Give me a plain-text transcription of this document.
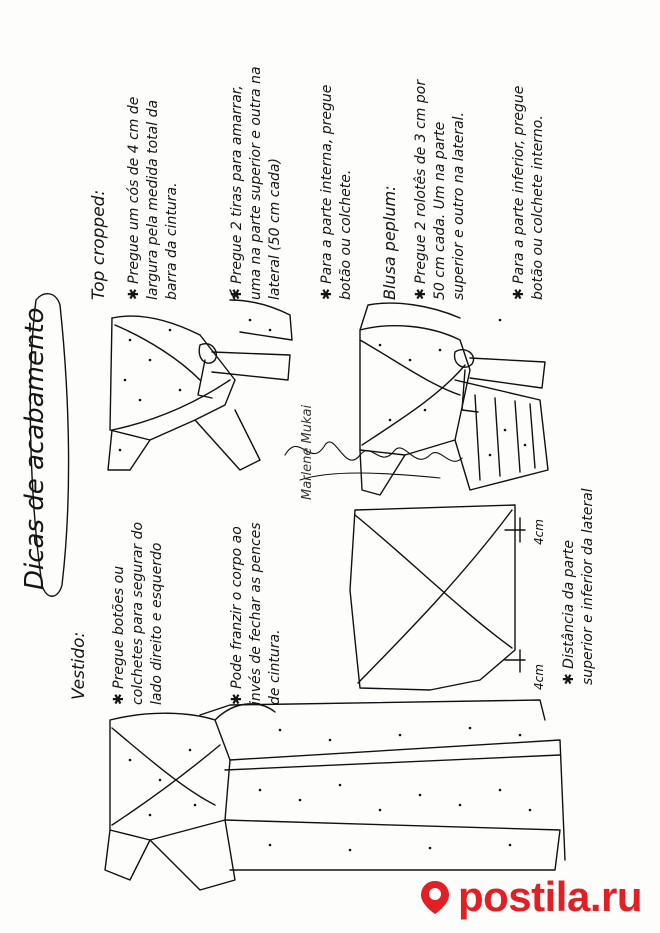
Dicas de acabamento
Vestido: ✱ Pregue botões ou colchetes para segurar do lado direito e esquerdo	✱ Pode franzir o corpo ao invés de fechar as pences de cintura.
Top cropped: ✱ Pregue um cós de 4 cm de largura pela medida total da barra da cintura.	✱ Pregue 2 tiras para amarrar, uma na parte superior e outra na lateral (50 cm cada)	✱ Para a parte interna, pregue botão ou colchete. Blusa peplum: ✱ Pregue 2 rolotês de 3 cm por 50 cm cada. Um na parte superior e outro na lateral.	✱ Para a parte inferior, pregue botão ou colchete interno.
4cm
4cm ✱ Distância da parte superior e inferior da lateral
Marlene Mukai
postila.ru
